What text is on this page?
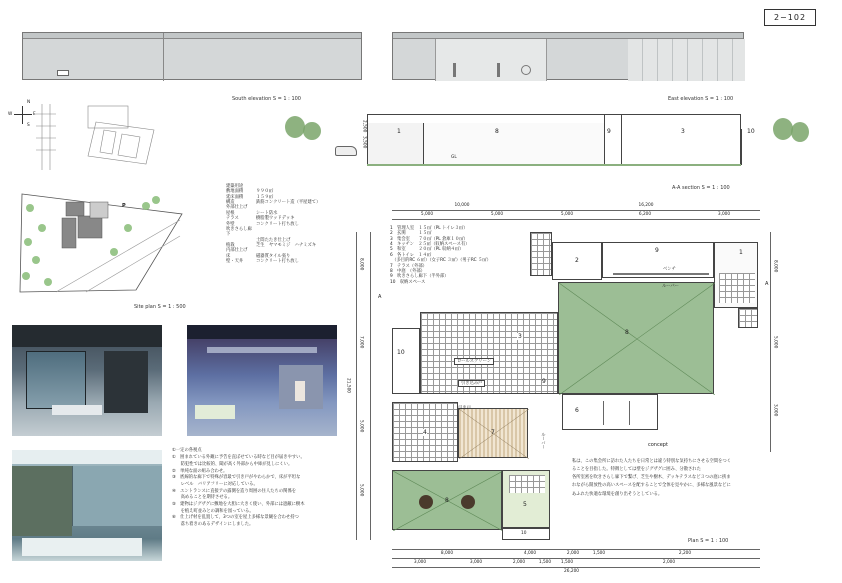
2−102
South elevation S = 1 : 100	East elevation S = 1 : 100
N
E
S
W
3,500
2,500	1	8	9	3	10
GL
A-A section S = 1 : 100
P
Site plan S = 1 : 500
建築用途
敷地面積	９９０㎡
延床面積	１５９㎡
構造	鉄筋コンクリート造（平屋建て）
外部仕上げ
屋根	シート防水
テラス	樹脂製ウッドデッキ
外壁	コンクリート打ち放し
吹きさらし廊下
土間たたき仕上げ
植栽	芝生　ヤマモミジ　ハナミズキ
内部仕上げ
床	磁器質タイル張り
壁・天井	コンクリート打ち放し
①一定の各視点
①　囲まれている外観に予告を直ぼせている時など目が届きやすい。
　　防犯性では比較的、聞が高く外部から中庫が見しにくい。
②　単純な面の組み合わせ。
③　底線的な廊下で特殊が容最で引き戸がやわらかで、床が平坦な
　　レベル　バリアフリーに対応している。
④　エントランスに直接アの露側を造り周囲の住人たちの関係を
　　高めることを期待させる。
⑤　建物はジグザグに敷地を大胆に大きく使い、外部には遮蔽に樹木
　　を植え町並みとの調和を図っている。
⑥　仕上げ材を乱置して、3つの室を屋上多様な景観を合わせ持つ
　　落ち着きのあるデザインにしました。
10,000	16,200
5,000	5,000	5,000	6,200	3,000
8,000
7,000
21,500
5,000
5,000
8,000
5,000
3,000
A
A
2
9
ベンチ
1
8
ルーバー
3
10
ロールスクリーン
引き込み戸	9
4	7
引き戸
ルーバー
6
8
5
10
concept
私は、この集会所に訪れた人たちを日常とは違う特別な気持ちにさせる空間をつく
ることを目指した。特徴としては壁をジグザグに囲み、分散された
各所室密を吹きさらし廊下で繋げ、芝生や樹木、デッキテラスなど３つの庭に挟ま
れながら開放性の高いスペースを配することで全体を見やかに、多様な風景などに
あふれた快適な環境を創り出そうとしている。
Plan S = 1 : 100
8,000	4,000	2,000	1,500	2,200
3,000	3,000	2,000	1,500	1,500	2,000
26,200
1　管理人室　１５㎡（PL トイレ３㎡）
2　玄関　　　１５㎡
3　集会室　　７０㎡（PL 倉庫１０㎡）
4　キッチン　２５㎡（収納スペース有）
5　和室　　　２０㎡（PL 収納４㎡）
6　各トイレ　１４㎡
　（多目的RC ６㎡）（女子RC ３㎡）（男子RC ５㎡）
7　テラス（外部）
8　中庭　（外部）
9　吹きさらし廊下（半外部）
10　収納スペース
